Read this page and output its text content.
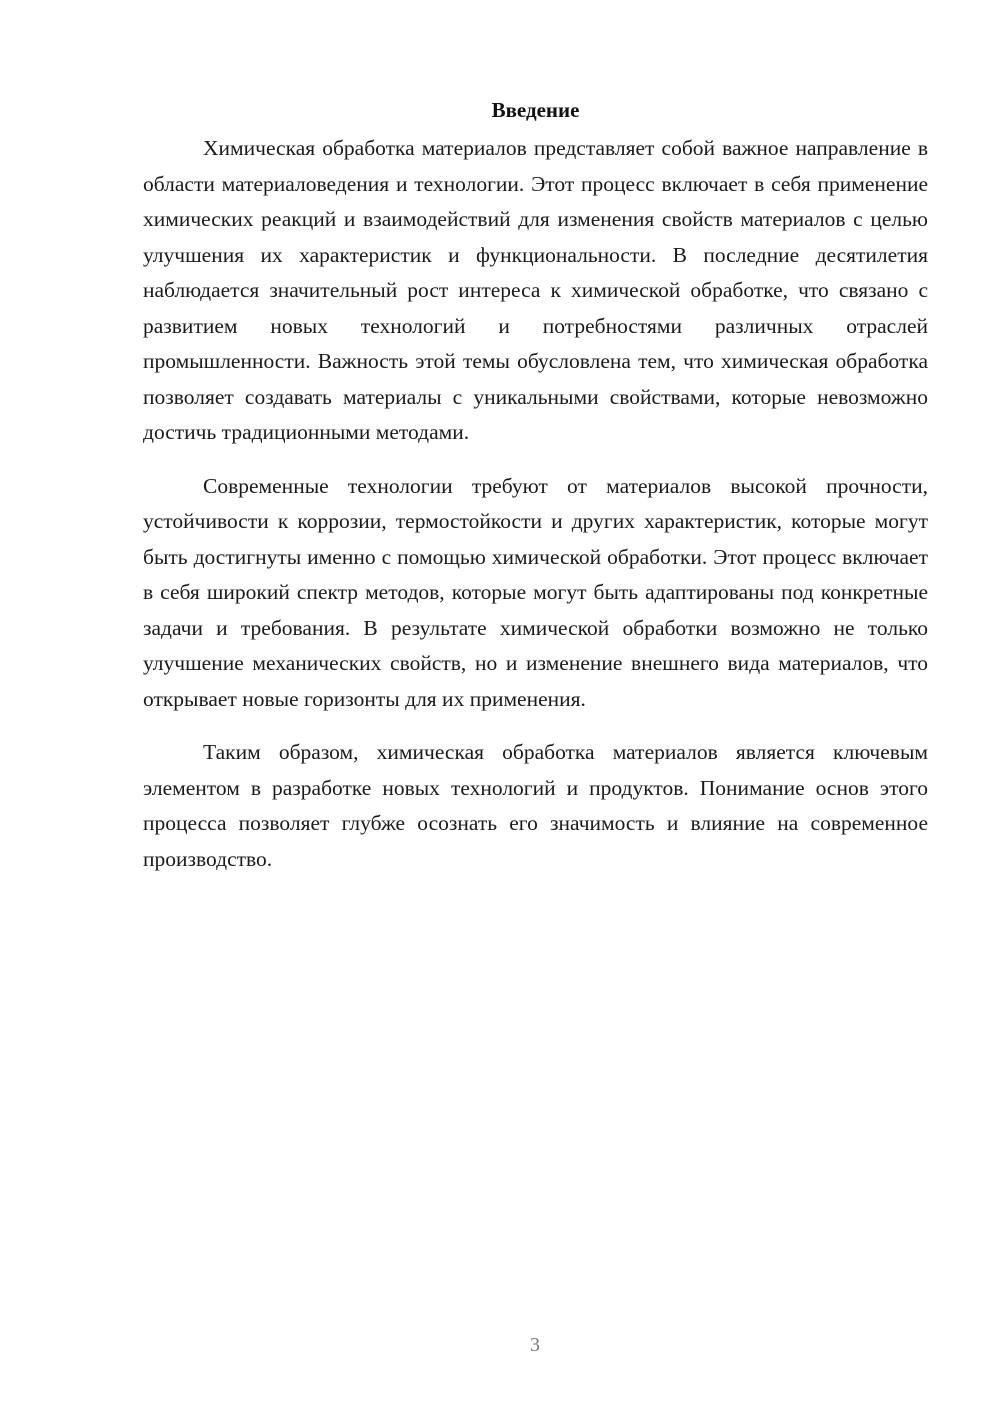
Введение

Химическая обработка материалов представляет собой важное направление в области материаловедения и технологии. Этот процесс включает в себя применение химических реакций и взаимодействий для изменения свойств материалов с целью улучшения их характеристик и функциональности. В последние десятилетия наблюдается значительный рост интереса к химической обработке, что связано с развитием новых технологий и потребностями различных отраслей промышленности. Важность этой темы обусловлена тем, что химическая обработка позволяет создавать материалы с уникальными свойствами, которые невозможно достичь традиционными методами.

Современные технологии требуют от материалов высокой прочности, устойчивости к коррозии, термостойкости и других характеристик, которые могут быть достигнуты именно с помощью химической обработки. Этот процесс включает в себя широкий спектр методов, которые могут быть адаптированы под конкретные задачи и требования. В результате химической обработки возможно не только улучшение механических свойств, но и изменение внешнего вида материалов, что открывает новые горизонты для их применения.

Таким образом, химическая обработка материалов является ключевым элементом в разработке новых технологий и продуктов. Понимание основ этого процесса позволяет глубже осознать его значимость и влияние на современное производство.

3
